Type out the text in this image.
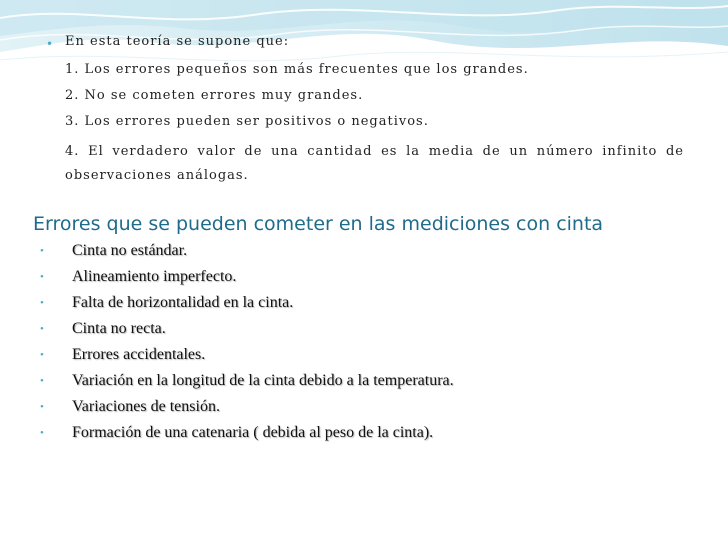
• En esta teoría se supone que:
1. Los errores pequeños son más frecuentes que los grandes.
2. No se cometen errores muy grandes.
3. Los errores pueden ser positivos o negativos.
4. El verdadero valor de una cantidad es la media de un número infinito de observaciones análogas.
Errores que se pueden cometer en las mediciones con cinta
• Cinta no estándar.
• Alineamiento imperfecto.
• Falta de horizontalidad en la cinta.
• Cinta no recta.
• Errores accidentales.
• Variación en la longitud de la cinta debido a la temperatura.
• Variaciones de tensión.
• Formación de una catenaria ( debida al peso de la cinta).
